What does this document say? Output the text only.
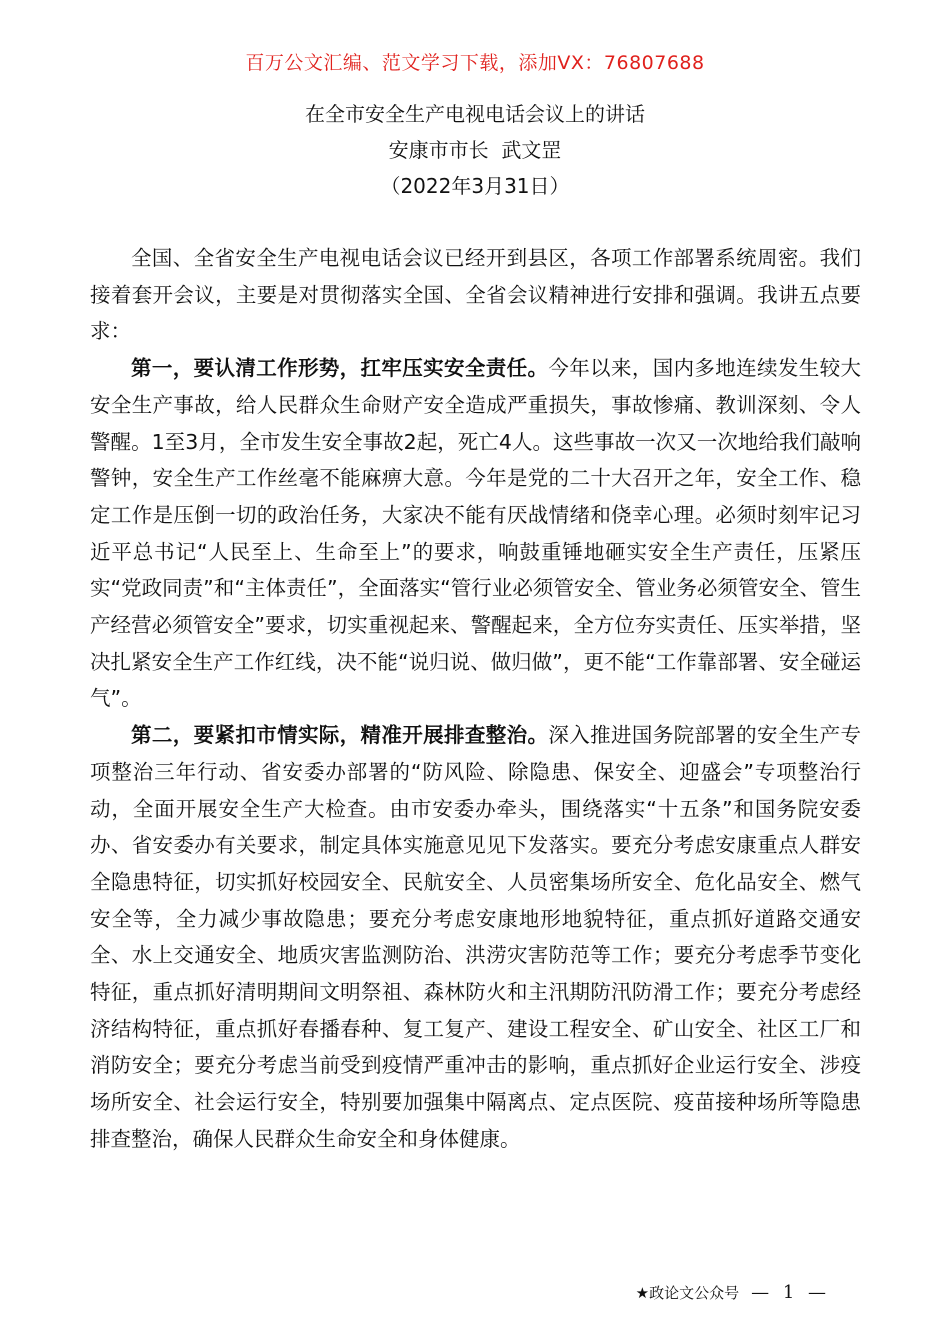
百万公文汇编、范文学习下载，添加VX：76807688
在全市安全生产电视电话会议上的讲话
安康市市长  武文罡
（2022年3月31日）

全国、全省安全生产电视电话会议已经开到县区，各项工作部署系统周密。我们接着套开会议，主要是对贯彻落实全国、全省会议精神进行安排和强调。我讲五点要求：

第一，要认清工作形势，扛牢压实安全责任。今年以来，国内多地连续发生较大安全生产事故，给人民群众生命财产安全造成严重损失，事故惨痛、教训深刻、令人警醒。1至3月，全市发生安全事故2起，死亡4人。这些事故一次又一次地给我们敲响警钟，安全生产工作丝毫不能麻痹大意。今年是党的二十大召开之年，安全工作、稳定工作是压倒一切的政治任务，大家决不能有厌战情绪和侥幸心理。必须时刻牢记习近平总书记“人民至上、生命至上”的要求，响鼓重锤地砸实安全生产责任，压紧压实“党政同责”和“主体责任”，全面落实“管行业必须管安全、管业务必须管安全、管生产经营必须管安全”要求，切实重视起来、警醒起来，全方位夯实责任、压实举措，坚决扎紧安全生产工作红线，决不能“说归说、做归做”，更不能“工作靠部署、安全碰运气”。

第二，要紧扣市情实际，精准开展排查整治。深入推进国务院部署的安全生产专项整治三年行动、省安委办部署的“防风险、除隐患、保安全、迎盛会”专项整治行动，全面开展安全生产大检查。由市安委办牵头，围绕落实“十五条”和国务院安委办、省安委办有关要求，制定具体实施意见见下发落实。要充分考虑安康重点人群安全隐患特征，切实抓好校园安全、民航安全、人员密集场所安全、危化品安全、燃气安全等，全力减少事故隐患；要充分考虑安康地形地貌特征，重点抓好道路交通安全、水上交通安全、地质灾害监测防治、洪涝灾害防范等工作；要充分考虑季节变化特征，重点抓好清明期间文明祭祖、森林防火和主汛期防汛防滑工作；要充分考虑经济结构特征，重点抓好春播春种、复工复产、建设工程安全、矿山安全、社区工厂和消防安全；要充分考虑当前受到疫情严重冲击的影响，重点抓好企业运行安全、涉疫场所安全、社会运行安全，特别要加强集中隔离点、定点医院、疫苗接种场所等隐患排查整治，确保人民群众生命安全和身体健康。

★政论文公众号 — 1 —
